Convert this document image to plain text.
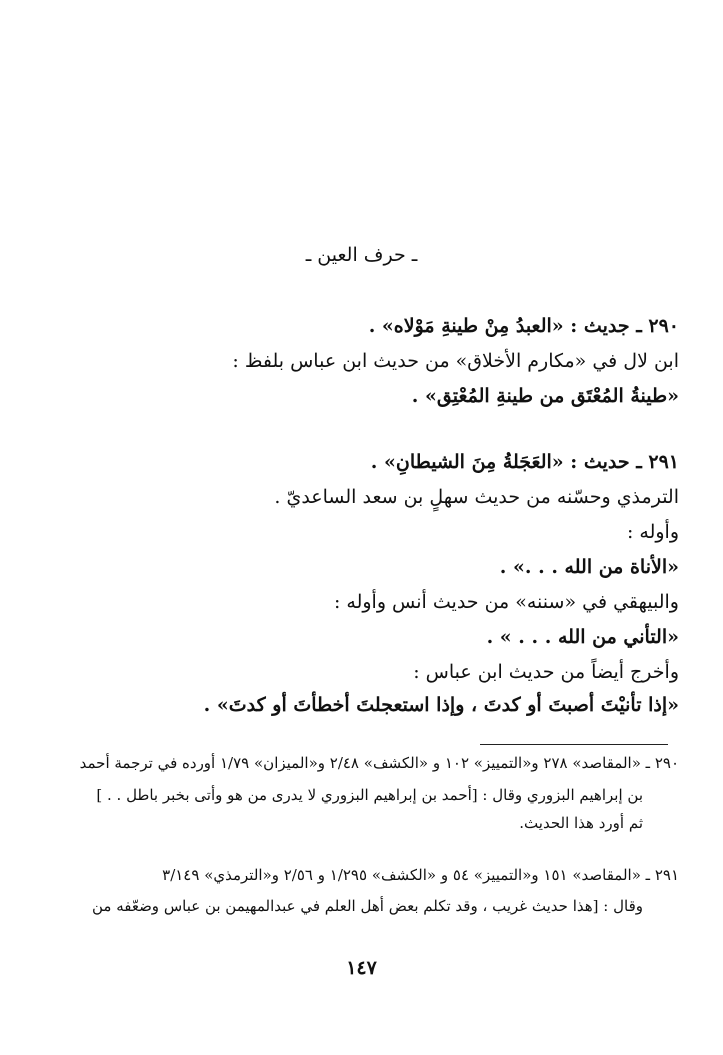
ـ حرف العين ـ
٢٩٠ ـ جديث : «العبدُ مِنْ طينةِ مَوْلاه» .
ابن لال في «مكارم الأخلاق» من حديث ابن عباس بلفظ :
«طينةُ المُعْتَق من طينةِ المُعْتِق» .
٢٩١ ـ حديث : «العَجَلةُ مِنَ الشيطانِ» .
الترمذي وحسّنه من حديث سهلٍ بن سعد الساعديّ .
وأوله :
«الأناة من الله . . .» .
والبيهقي في «سننه» من حديث أنس وأوله :
«التأني من الله . . . » .
وأخرج أيضاً من حديث ابن عباس :
«إذا تأنيْتَ أصبتَ أو كدتَ ، وإذا استعجلتَ أخطأتَ أو كدتَ» .
٢٩٠ ـ «المقاصد» ٢٧٨ و«التمييز» ١٠٢ و «الكشف» ٢/٤٨ و«الميزان» ١/٧٩ أورده في ترجمة أحمد
بن إبراهيم البزوري وقال : [أحمد بن إبراهيم البزوري لا يدرى من هو وأتى بخبر باطل . . ]
ثم أورد هذا الحديث.
٢٩١ ـ «المقاصد» ١٥١ و«التمييز» ٥٤ و «الكشف» ١/٢٩٥ و ٢/٥٦ و«الترمذي» ٣/١٤٩
وقال : [هذا حديث غريب ، وقد تكلم بعض أهل العلم في عبدالمهيمن بن عباس وضعّفه من
١٤٧
